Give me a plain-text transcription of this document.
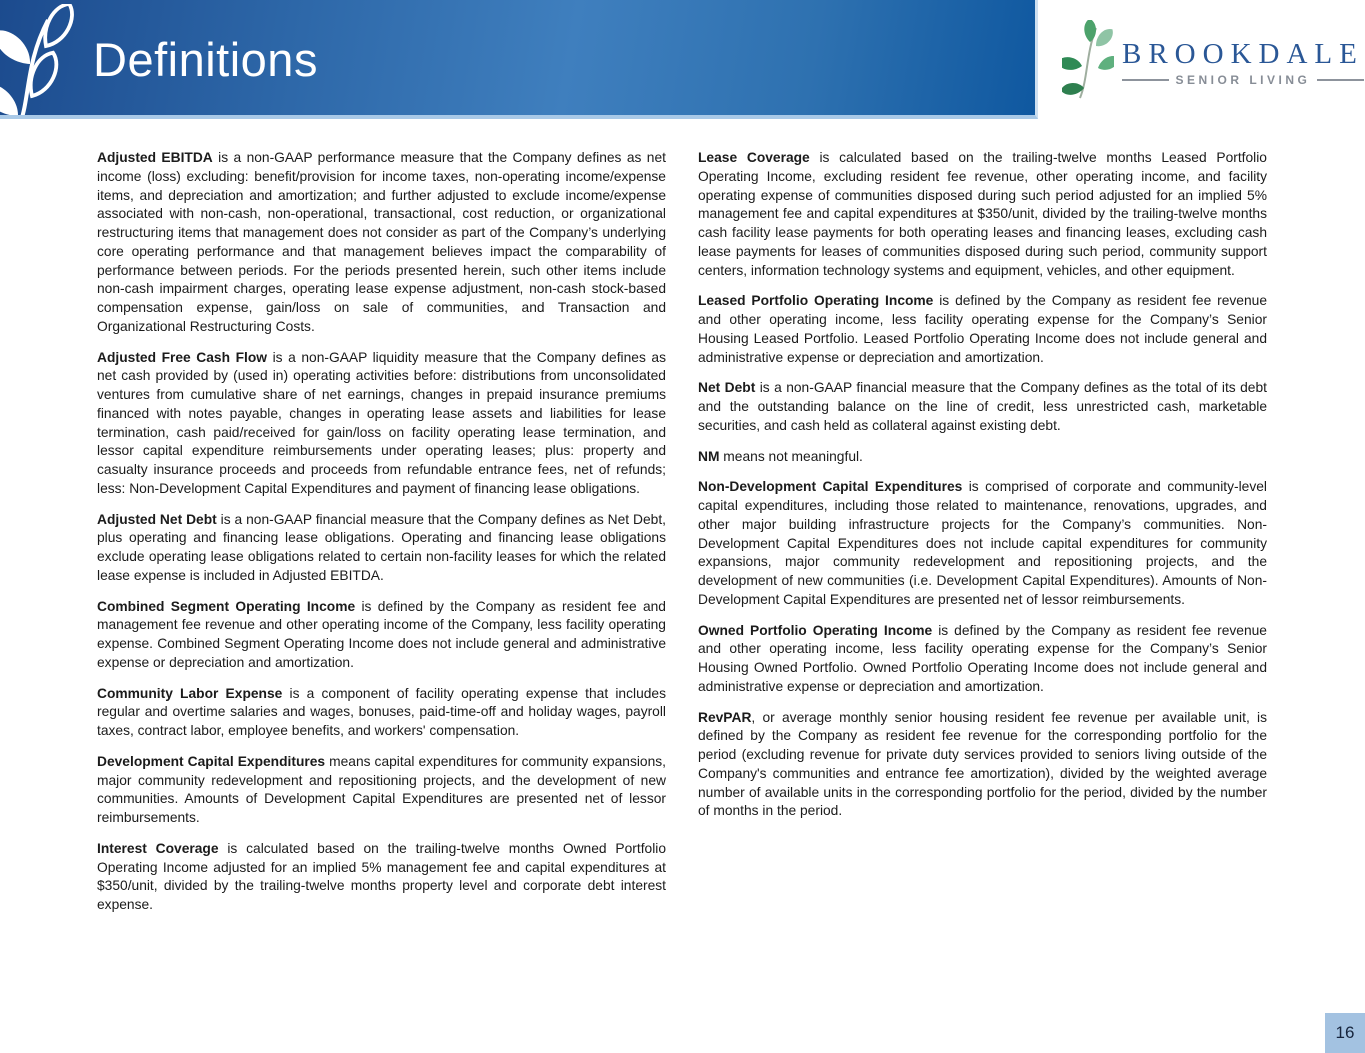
Definitions	BROOKDALE
SENIOR LIVING

Adjusted EBITDA is a non-GAAP performance measure that the Company defines as net income (loss) excluding: benefit/provision for income taxes, non-operating income/expense items, and depreciation and amortization; and further adjusted to exclude income/expense associated with non-cash, non-operational, transactional, cost reduction, or organizational restructuring items that management does not consider as part of the Company’s underlying core operating performance and that management believes impact the comparability of performance between periods. For the periods presented herein, such other items include non-cash impairment charges, operating lease expense adjustment, non-cash stock-based compensation expense, gain/loss on sale of communities, and Transaction and Organizational Restructuring Costs.

Adjusted Free Cash Flow is a non-GAAP liquidity measure that the Company defines as net cash provided by (used in) operating activities before: distributions from unconsolidated ventures from cumulative share of net earnings, changes in prepaid insurance premiums financed with notes payable, changes in operating lease assets and liabilities for lease termination, cash paid/received for gain/loss on facility operating lease termination, and lessor capital expenditure reimbursements under operating leases; plus: property and casualty insurance proceeds and proceeds from refundable entrance fees, net of refunds; less: Non-Development Capital Expenditures and payment of financing lease obligations.

Adjusted Net Debt is a non-GAAP financial measure that the Company defines as Net Debt, plus operating and financing lease obligations. Operating and financing lease obligations exclude operating lease obligations related to certain non-facility leases for which the related lease expense is included in Adjusted EBITDA.

Combined Segment Operating Income is defined by the Company as resident fee and management fee revenue and other operating income of the Company, less facility operating expense. Combined Segment Operating Income does not include general and administrative expense or depreciation and amortization.

Community Labor Expense is a component of facility operating expense that includes regular and overtime salaries and wages, bonuses, paid-time-off and holiday wages, payroll taxes, contract labor, employee benefits, and workers' compensation.

Development Capital Expenditures means capital expenditures for community expansions, major community redevelopment and repositioning projects, and the development of new communities. Amounts of Development Capital Expenditures are presented net of lessor reimbursements.

Interest Coverage is calculated based on the trailing-twelve months Owned Portfolio Operating Income adjusted for an implied 5% management fee and capital expenditures at $350/unit, divided by the trailing-twelve months property level and corporate debt interest expense.

Lease Coverage is calculated based on the trailing-twelve months Leased Portfolio Operating Income, excluding resident fee revenue, other operating income, and facility operating expense of communities disposed during such period adjusted for an implied 5% management fee and capital expenditures at $350/unit, divided by the trailing-twelve months cash facility lease payments for both operating leases and financing leases, excluding cash lease payments for leases of communities disposed during such period, community support centers, information technology systems and equipment, vehicles, and other equipment.

Leased Portfolio Operating Income is defined by the Company as resident fee revenue and other operating income, less facility operating expense for the Company’s Senior Housing Leased Portfolio. Leased Portfolio Operating Income does not include general and administrative expense or depreciation and amortization.

Net Debt is a non-GAAP financial measure that the Company defines as the total of its debt and the outstanding balance on the line of credit, less unrestricted cash, marketable securities, and cash held as collateral against existing debt.

NM means not meaningful.

Non-Development Capital Expenditures is comprised of corporate and community-level capital expenditures, including those related to maintenance, renovations, upgrades, and other major building infrastructure projects for the Company’s communities. Non-Development Capital Expenditures does not include capital expenditures for community expansions, major community redevelopment and repositioning projects, and the development of new communities (i.e. Development Capital Expenditures). Amounts of Non-Development Capital Expenditures are presented net of lessor reimbursements.

Owned Portfolio Operating Income is defined by the Company as resident fee revenue and other operating income, less facility operating expense for the Company’s Senior Housing Owned Portfolio. Owned Portfolio Operating Income does not include general and administrative expense or depreciation and amortization.

RevPAR, or average monthly senior housing resident fee revenue per available unit, is defined by the Company as resident fee revenue for the corresponding portfolio for the period (excluding revenue for private duty services provided to seniors living outside of the Company's communities and entrance fee amortization), divided by the weighted average number of available units in the corresponding portfolio for the period, divided by the number of months in the period.

16
